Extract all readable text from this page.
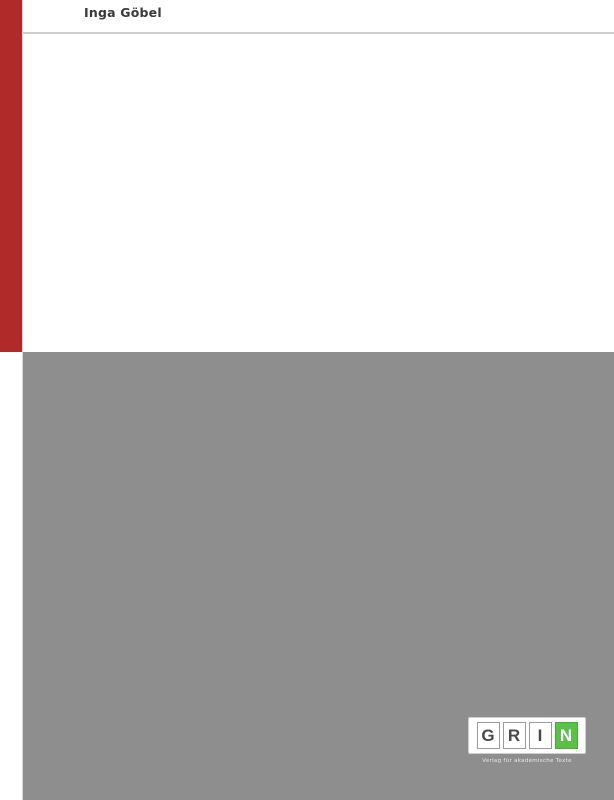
Inga Göbel

G R	I	N
Verlag für akademische Texte
